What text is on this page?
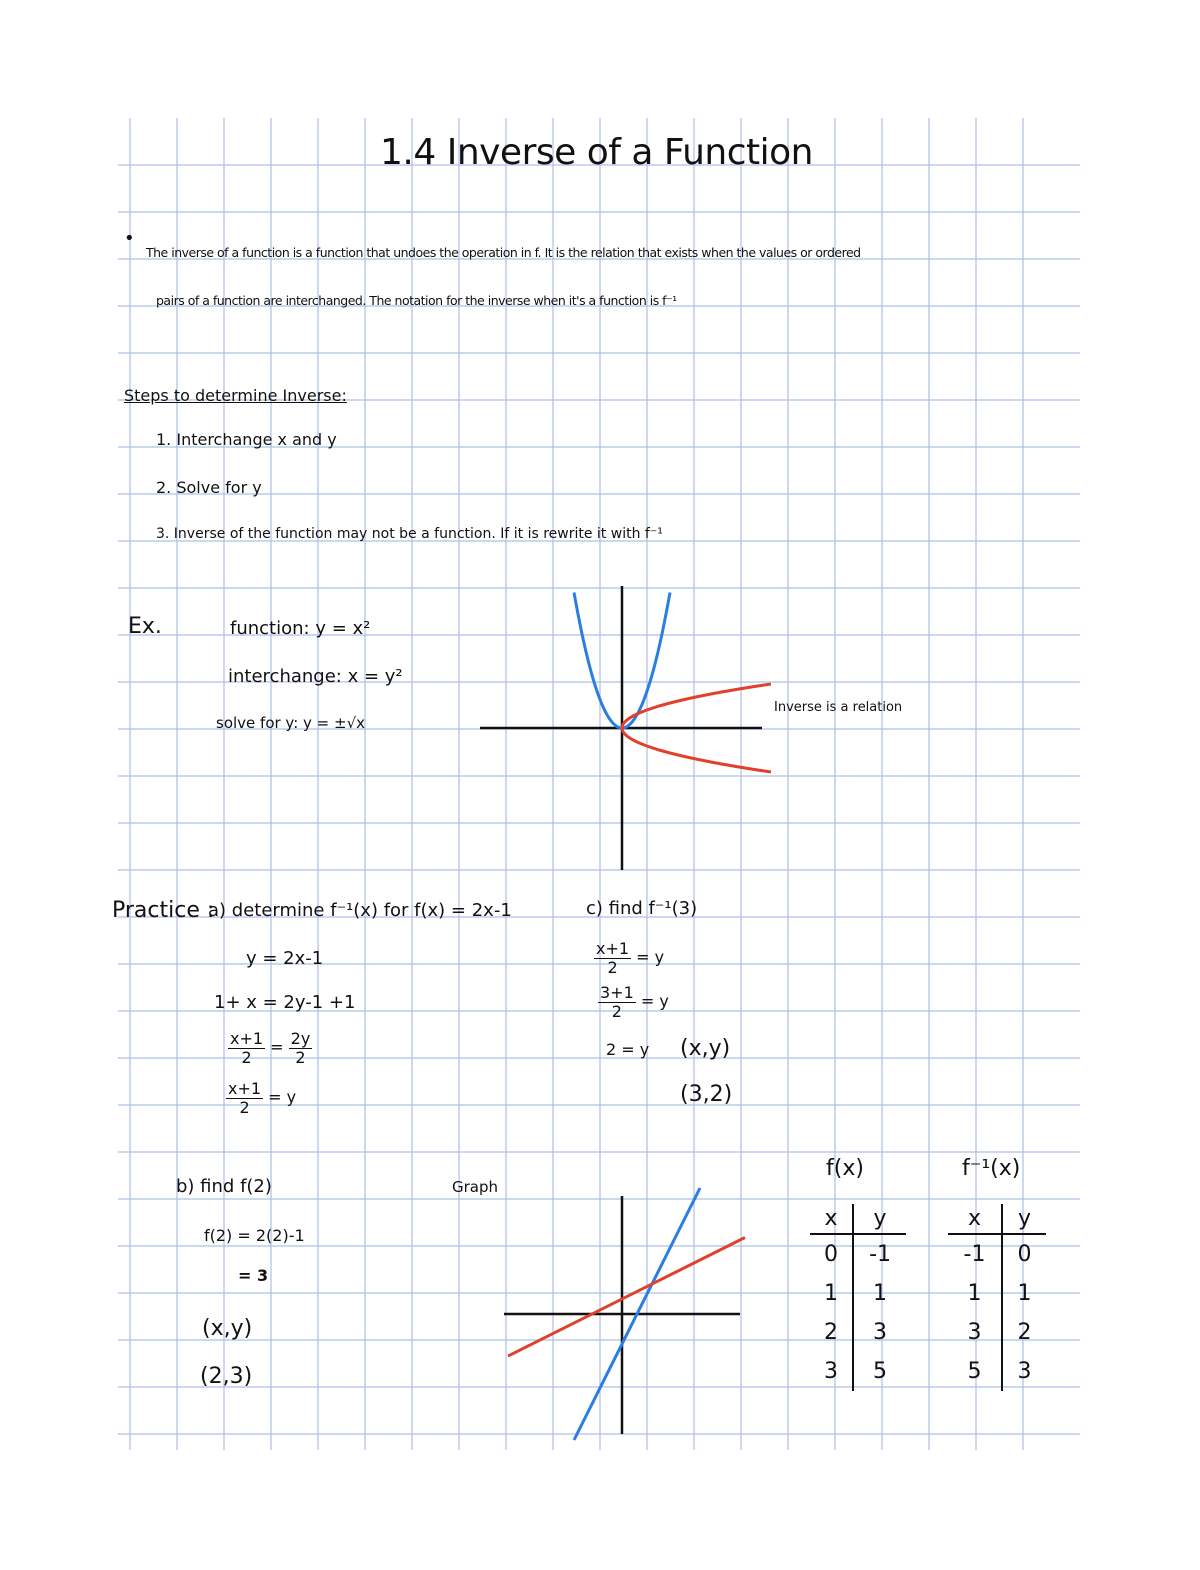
1.4 Inverse of a Function
•
The inverse of a function is a function that undoes the operation in f. It is the relation that exists when the values or ordered
pairs of a function are interchanged. The notation for the inverse when it's a function is f⁻¹
Steps to determine Inverse:
1. Interchange x and y
2. Solve for y
3. Inverse of the function may not be a function. If it is rewrite it with f⁻¹
Ex.	function: y = x²
interchange: x = y²
solve for y: y = ±√x
Inverse is a relation
Practice :
a) determine f⁻¹(x) for f(x) = 2x-1
y = 2x-1
1+ x = 2y-1 +1
$\frac{x+1}{2} = \frac{2y}{2}$
$\frac{x+1}{2} = y$
c) find f⁻¹(3)
$\frac{x+1}{2} = y$
$\frac{3+1}{2} = y$
2 = y (x,y)
(3,2)
b) find f(2)
f(2) = 2(2)-1
= 3
(x,y)
(2,3)
Graph
f(x)
x	y
0	-1
1	1
2	3
3	5
f⁻¹(x)
x	y
-1	0
1	1
3	2
5	3
